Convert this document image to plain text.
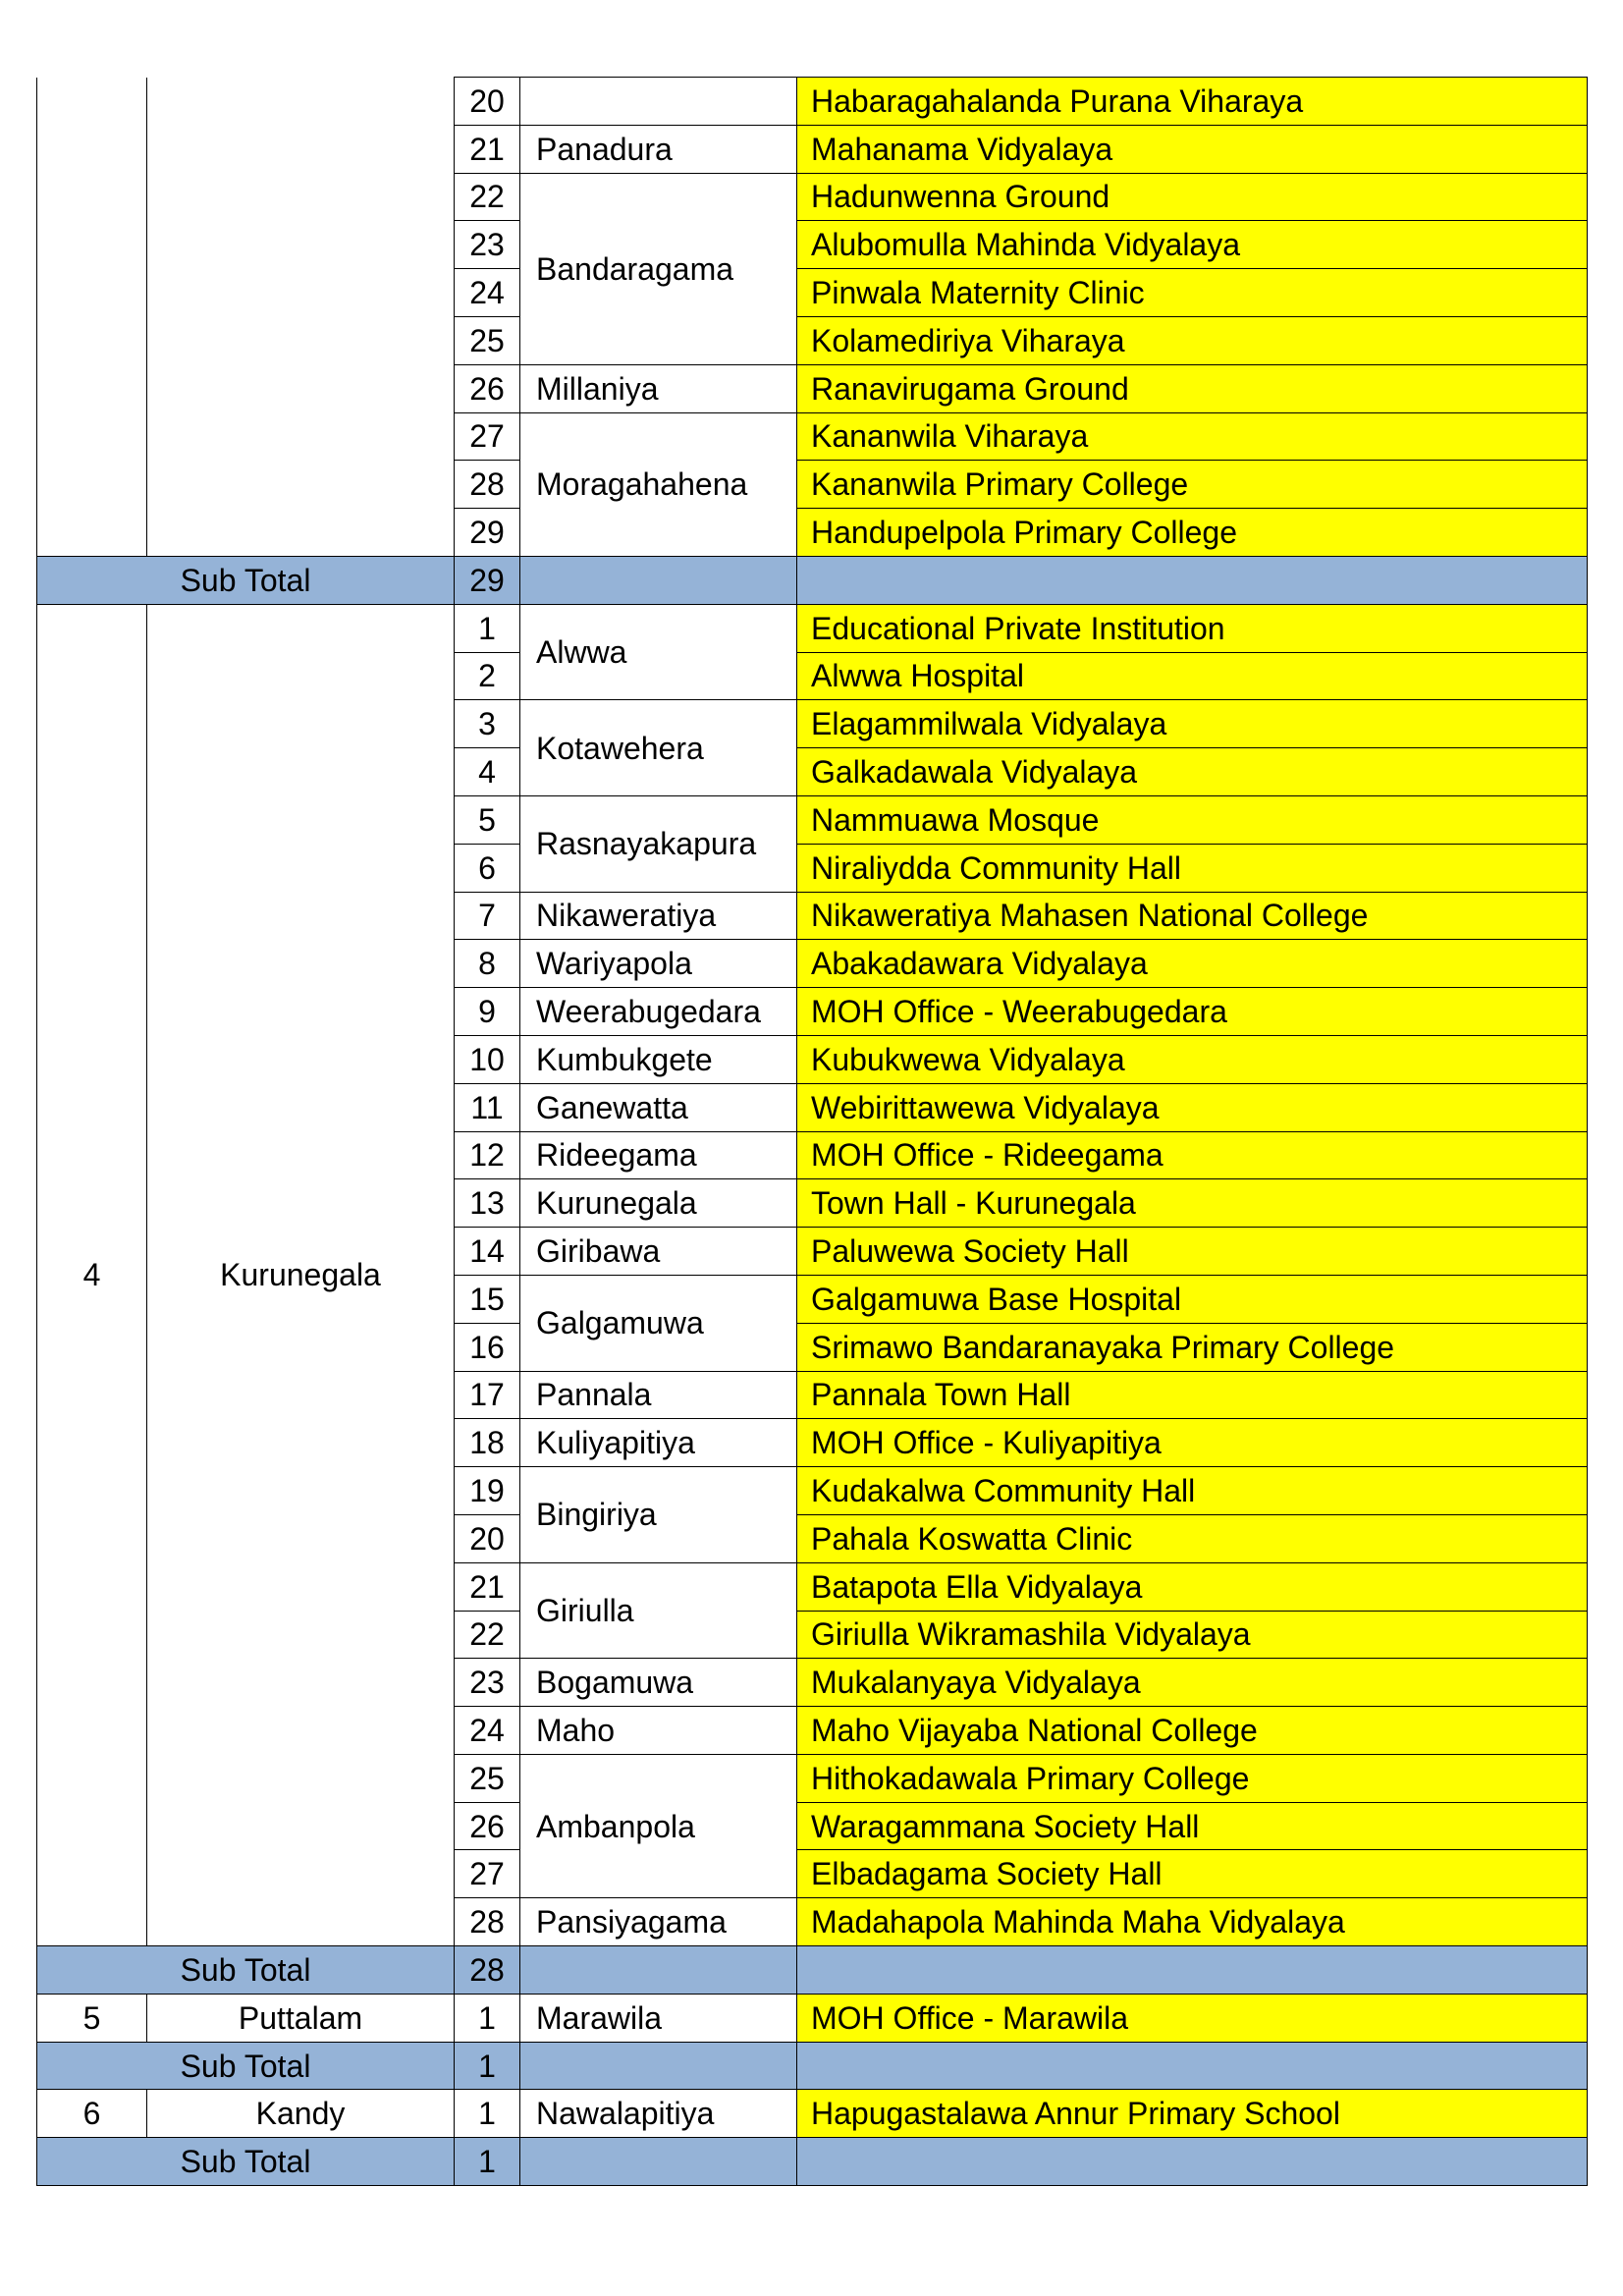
		20		Habaragahalanda Purana Viharaya
		21	Panadura	Mahanama Vidyalaya
		22	Bandaragama	Hadunwenna Ground
		23		Alubomulla Mahinda Vidyalaya
		24		Pinwala Maternity Clinic
		25		Kolamediriya Viharaya
		26	Millaniya	Ranavirugama Ground
		27	Moragahahena	Kananwila Viharaya
		28		Kananwila Primary College
		29		Handupelpola Primary College
Sub Total		29		
4	Kurunegala	1	Alwwa	Educational Private Institution
		2		Alwwa Hospital
		3	Kotawehera	Elagammilwala Vidyalaya
		4		Galkadawala Vidyalaya
		5	Rasnayakapura	Nammuawa Mosque
		6		Niraliydda Community Hall
		7	Nikaweratiya	Nikaweratiya Mahasen National College
		8	Wariyapola	Abakadawara Vidyalaya
		9	Weerabugedara	MOH Office - Weerabugedara
		10	Kumbukgete	Kubukwewa Vidyalaya
		11	Ganewatta	Webirittawewa Vidyalaya
		12	Rideegama	MOH Office - Rideegama
		13	Kurunegala	Town Hall - Kurunegala
		14	Giribawa	Paluwewa Society Hall
		15	Galgamuwa	Galgamuwa Base Hospital
		16		Srimawo Bandaranayaka Primary College
		17	Pannala	Pannala Town Hall
		18	Kuliyapitiya	MOH Office - Kuliyapitiya
		19	Bingiriya	Kudakalwa Community Hall
		20		Pahala Koswatta Clinic
		21	Giriulla	Batapota Ella Vidyalaya
		22		Giriulla Wikramashila Vidyalaya
		23	Bogamuwa	Mukalanyaya Vidyalaya
		24	Maho	Maho Vijayaba National College
		25	Ambanpola	Hithokadawala Primary College
		26		Waragammana Society Hall
		27		Elbadagama Society Hall
		28	Pansiyagama	Madahapola Mahinda Maha Vidyalaya
Sub Total		28		
5	Puttalam	1	Marawila	MOH Office - Marawila
Sub Total		1		
6	Kandy	1	Nawalapitiya	Hapugastalawa Annur Primary School
Sub Total		1		
